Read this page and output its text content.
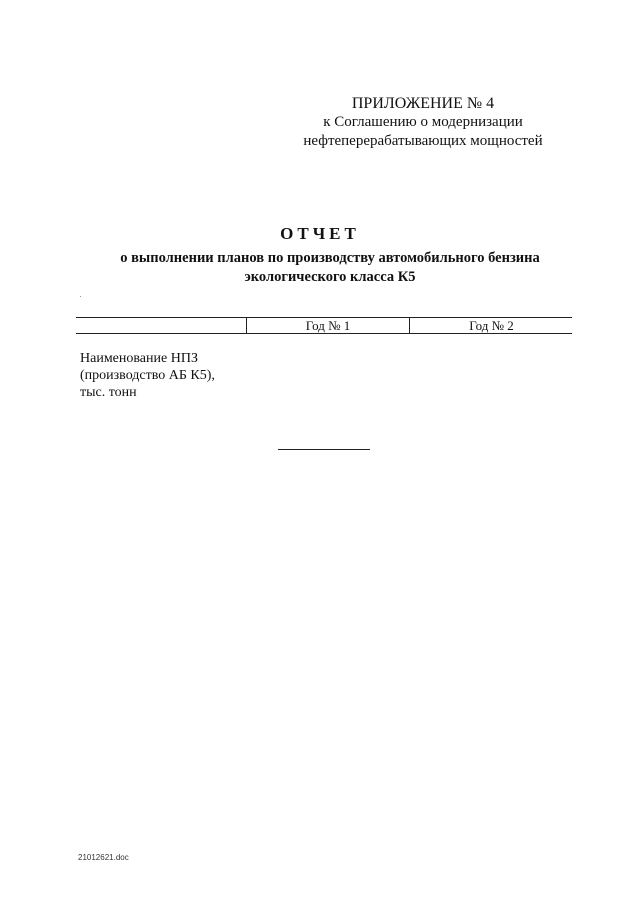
ПРИЛОЖЕНИЕ № 4
к Соглашению о модернизации
нефтеперерабатывающих мощностей
ОТЧЕТ
о выполнении планов по производству автомобильного бензина
экологического класса К5
Год № 1	Год № 2
Наименование НПЗ
(производство АБ К5),
тыс. тонн
21012621.doc
